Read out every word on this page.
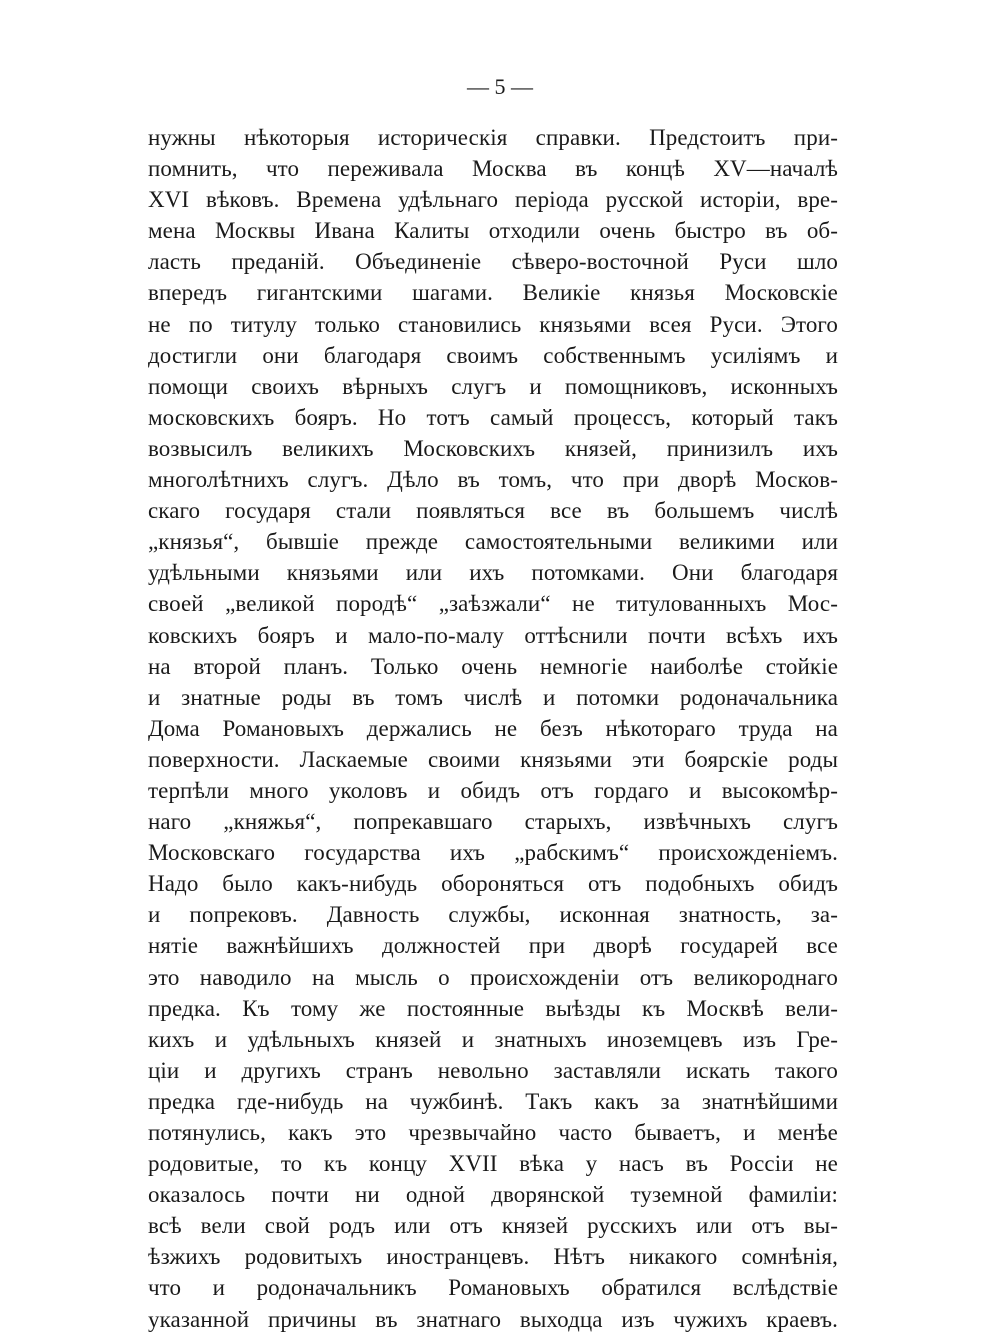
— 5 —
нужны нѣкоторыя историческія справки. Предстоитъ при-
помнить, что переживала Москва въ концѣ XV—началѣ
XVI вѣковъ. Времена удѣльнаго періода русской исторіи, вре-
мена Москвы Ивана Калиты отходили очень быстро въ об-
ласть преданій. Объединеніе сѣверо-восточной Руси шло
впередъ гигантскими шагами. Великіе князья Московскіе
не по титулу только становились князьями всея Руси. Этого
достигли они благодаря своимъ собственнымъ усиліямъ и
помощи своихъ вѣрныхъ слугъ и помощниковъ, исконныхъ
московскихъ бояръ. Но тотъ самый процессъ, который такъ
возвысилъ великихъ Московскихъ князей, принизилъ ихъ
многолѣтнихъ слугъ. Дѣло въ томъ, что при дворѣ Москов-
скаго государя стали появляться все въ большемъ числѣ
„князья“, бывшіе прежде самостоятельными великими или
удѣльными князьями или ихъ потомками. Они благодаря
своей „великой породѣ“ „заѣзжали“ не титулованныхъ Мос-
ковскихъ бояръ и мало-по-малу оттѣснили почти всѣхъ ихъ
на второй планъ. Только очень немногіе наиболѣе стойкіе
и знатные роды въ томъ числѣ и потомки родоначальника
Дома Романовыхъ держались не безъ нѣкотораго труда на
поверхности. Ласкаемые своими князьями эти боярскіе роды
терпѣли много уколовъ и обидъ отъ гордаго и высокомѣр-
наго „княжья“, попрекавшаго старыхъ, извѣчныхъ слугъ
Московскаго государства ихъ „рабскимъ“ происхожденіемъ.
Надо было какъ-нибудь обороняться отъ подобныхъ обидъ
и попрековъ. Давность службы, исконная знатность, за-
нятіе важнѣйшихъ должностей при дворѣ государей все
это наводило на мысль о происхожденіи отъ великороднаго
предка. Къ тому же постоянные выѣзды къ Москвѣ вели-
кихъ и удѣльныхъ князей и знатныхъ иноземцевъ изъ Гре-
ціи и другихъ странъ невольно заставляли искать такого
предка где-нибудь на чужбинѣ. Такъ какъ за знатнѣйшими
потянулись, какъ это чрезвычайно часто бываетъ, и менѣе
родовитые, то къ концу XVII вѣка у насъ въ Россіи не
оказалось почти ни одной дворянской туземной фамиліи:
всѣ вели свой родъ или отъ князей русскихъ или отъ вы-
ѣзжихъ родовитыхъ иностранцевъ. Нѣтъ никакого сомнѣнія,
что и родоначальникъ Романовыхъ обратился вслѣдствіе
указанной причины въ знатнаго выходца изъ чужихъ краевъ.
